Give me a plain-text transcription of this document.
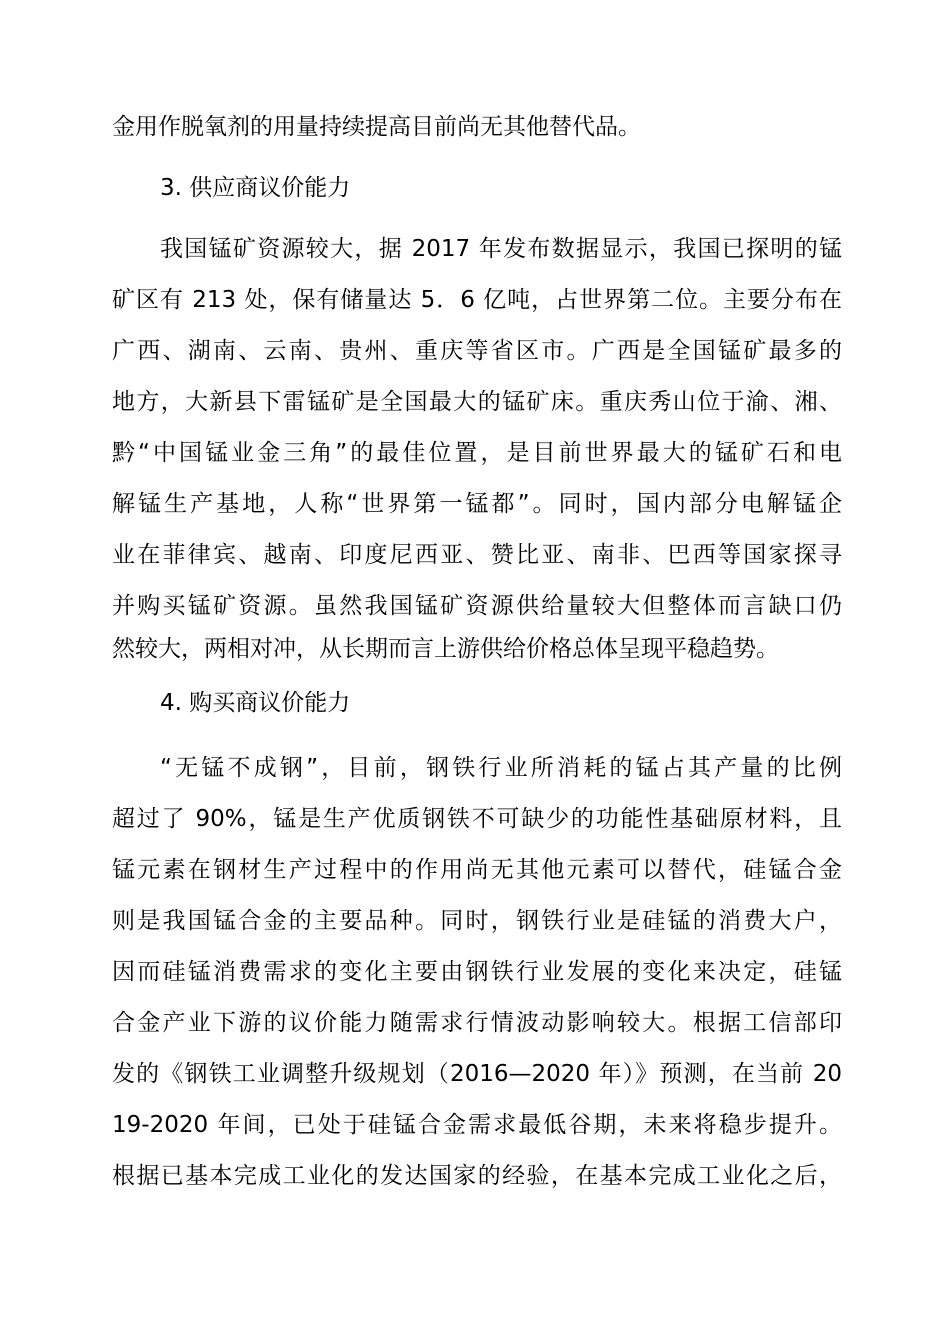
金用作脱氧剂的用量持续提高目前尚无其他替代品。
3. 供应商议价能力
我国锰矿资源较大，据 2017 年发布数据显示，我国已探明的锰
矿区有 213 处，保有储量达 5．6 亿吨，占世界第二位。主要分布在
广西、湖南、云南、贵州、重庆等省区市。广西是全国锰矿最多的
地方，大新县下雷锰矿是全国最大的锰矿床。重庆秀山位于渝、湘、
黔“中国锰业金三角”的最佳位置，是目前世界最大的锰矿石和电
解锰生产基地，人称“世界第一锰都”。同时，国内部分电解锰企
业在菲律宾、越南、印度尼西亚、赞比亚、南非、巴西等国家探寻
并购买锰矿资源。虽然我国锰矿资源供给量较大但整体而言缺口仍
然较大，两相对冲，从长期而言上游供给价格总体呈现平稳趋势。
4. 购买商议价能力
“无锰不成钢”，目前，钢铁行业所消耗的锰占其产量的比例
超过了 90%，锰是生产优质钢铁不可缺少的功能性基础原材料，且
锰元素在钢材生产过程中的作用尚无其他元素可以替代，硅锰合金
则是我国锰合金的主要品种。同时，钢铁行业是硅锰的消费大户，
因而硅锰消费需求的变化主要由钢铁行业发展的变化来决定，硅锰
合金产业下游的议价能力随需求行情波动影响较大。根据工信部印
发的《钢铁工业调整升级规划（2016—2020 年）》预测，在当前 20
19-2020 年间，已处于硅锰合金需求最低谷期，未来将稳步提升。
根据已基本完成工业化的发达国家的经验，在基本完成工业化之后，
